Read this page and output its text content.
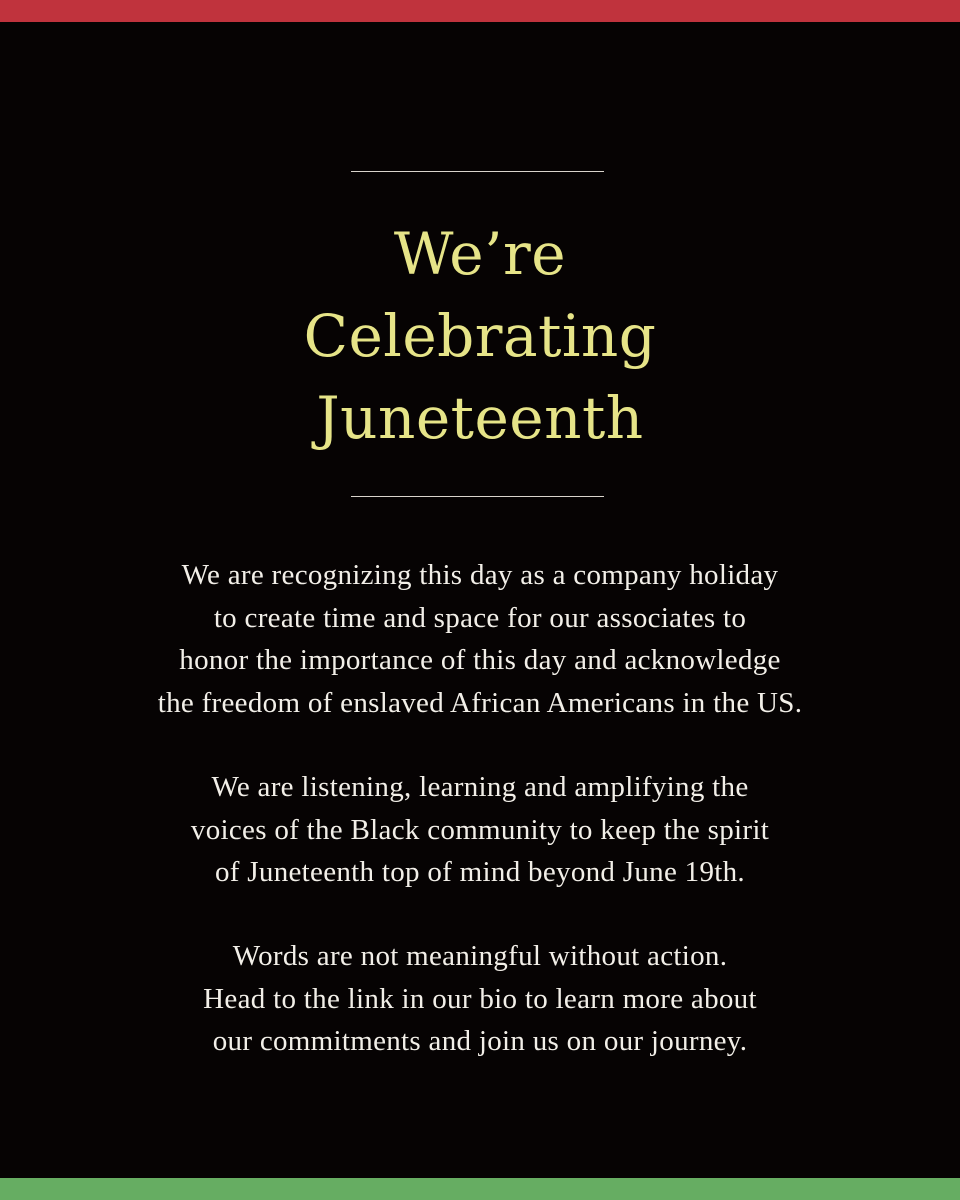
We’re
Celebrating
Juneteenth
We are recognizing this day as a company holiday
to create time and space for our associates to
honor the importance of this day and acknowledge
the freedom of enslaved African Americans in the US.
We are listening, learning and amplifying the
voices of the Black community to keep the spirit
of Juneteenth top of mind beyond June 19th.
Words are not meaningful without action.
Head to the link in our bio to learn more about
our commitments and join us on our journey.
